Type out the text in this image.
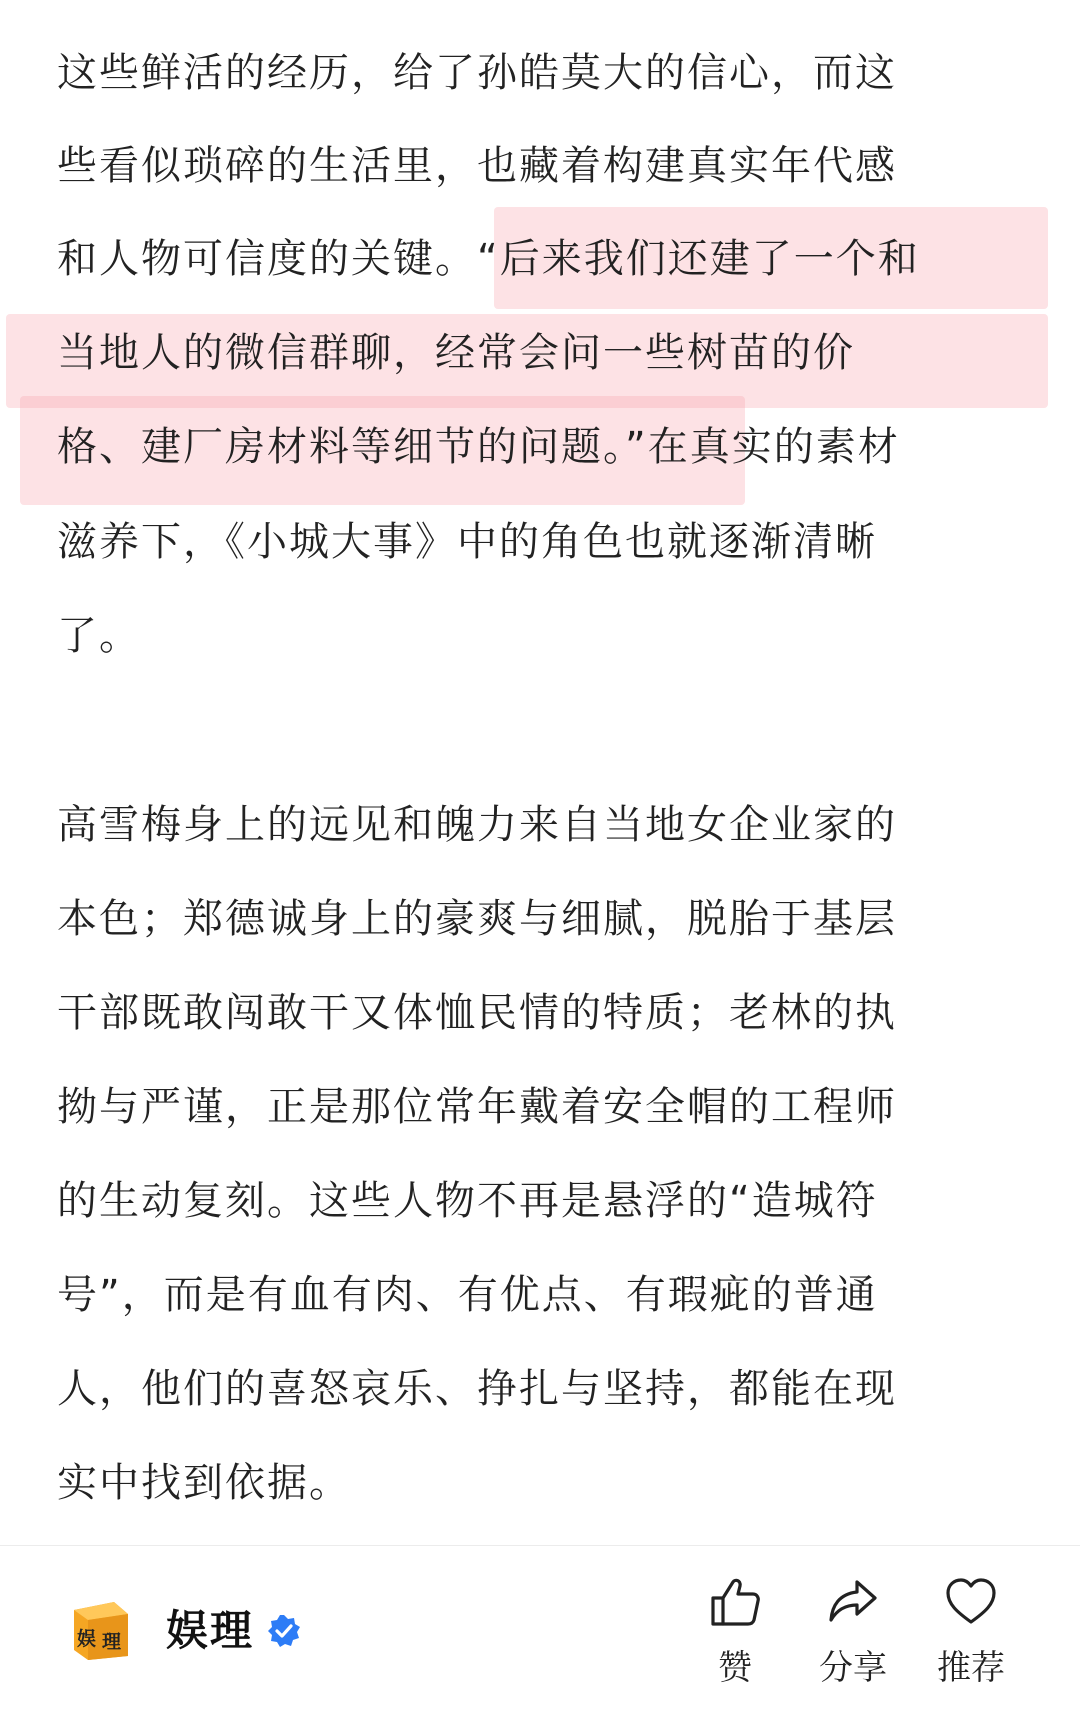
这些鲜活的经历，给了孙皓莫大的信心，而这
些看似琐碎的生活里，也藏着构建真实年代感
和人物可信度的关键。“后来我们还建了一个和
当地人的微信群聊，经常会问一些树苗的价
格、建厂房材料等细节的问题。”在真实的素材
滋养下，《小城大事》中的角色也就逐渐清晰
了。
高雪梅身上的远见和魄力来自当地女企业家的
本色；郑德诚身上的豪爽与细腻，脱胎于基层
干部既敢闯敢干又体恤民情的特质；老林的执
拗与严谨，正是那位常年戴着安全帽的工程师
的生动复刻。这些人物不再是悬浮的“造城符
号”，而是有血有肉、有优点、有瑕疵的普通
人，他们的喜怒哀乐、挣扎与坚持，都能在现
实中找到依据。
娱 理 娱理
赞	分享	推荐
